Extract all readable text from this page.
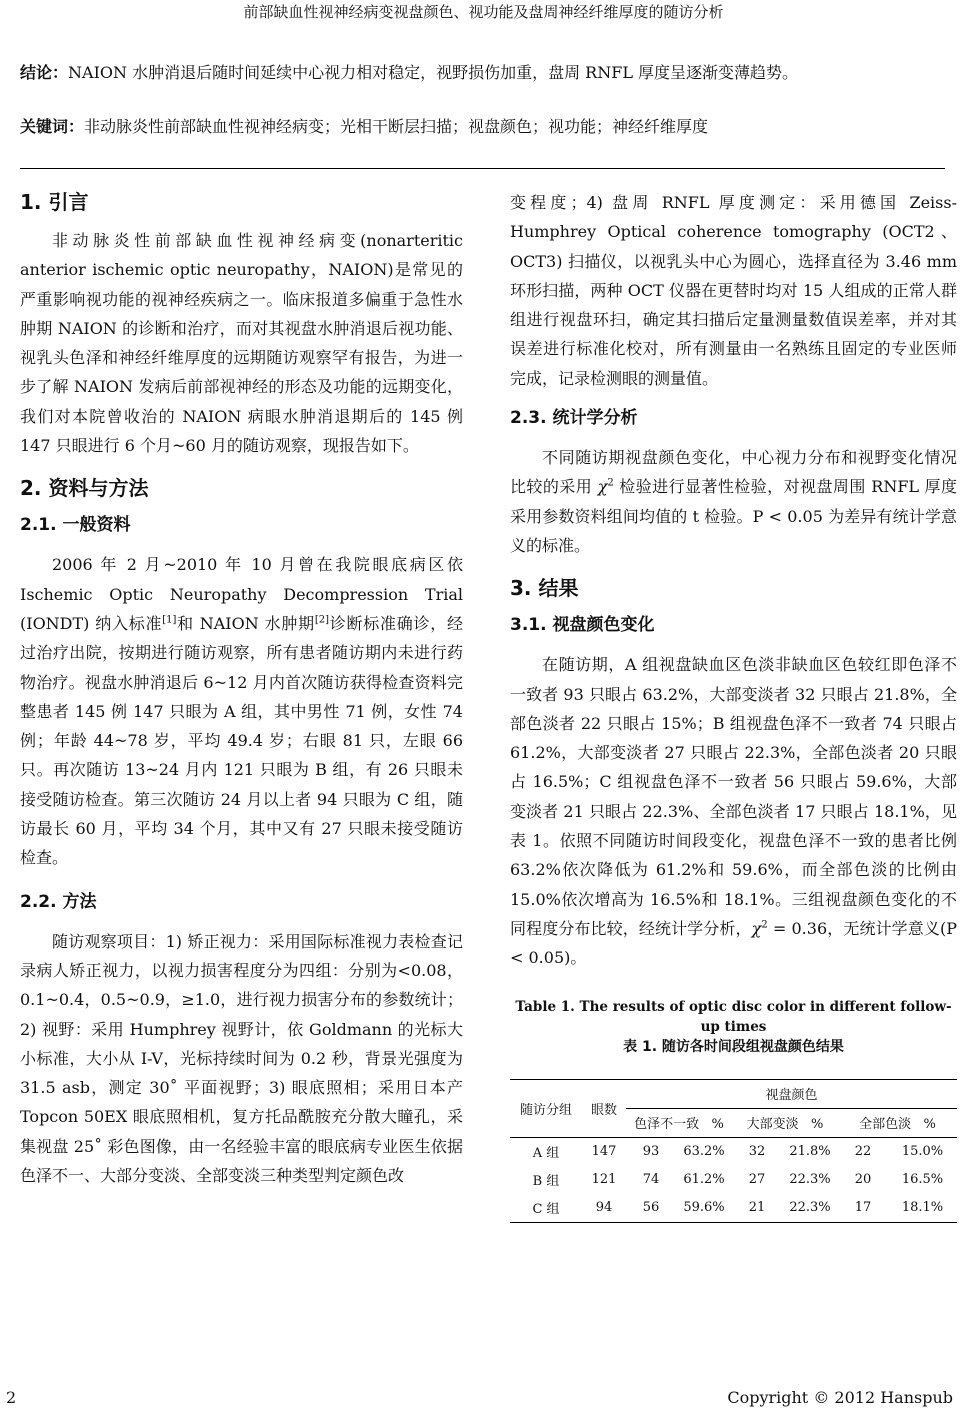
前部缺血性视神经病变视盘颜色、视功能及盘周神经纤维厚度的随访分析
结论：NAION 水肿消退后随时间延续中心视力相对稳定，视野损伤加重，盘周 RNFL 厚度呈逐渐变薄趋势。
关键词：非动脉炎性前部缺血性视神经病变；光相干断层扫描；视盘颜色；视功能；神经纤维厚度
1. 引言

非动脉炎性前部缺血性视神经病变(nonarteritic anterior ischemic optic neuropathy，NAION)是常见的严重影响视功能的视神经疾病之一。临床报道多偏重于急性水肿期 NAION 的诊断和治疗，而对其视盘水肿消退后视功能、视乳头色泽和神经纤维厚度的远期随访观察罕有报告，为进一步了解 NAION 发病后前部视神经的形态及功能的远期变化，我们对本院曾收治的 NAION 病眼水肿消退期后的 145 例 147 只眼进行 6 个月~60 月的随访观察，现报告如下。

2. 资料与方法
2.1. 一般资料

2006 年 2 月~2010 年 10 月曾在我院眼底病区依 Ischemic Optic Neuropathy Decompression Trial (IONDT) 纳入标准[1]和 NAION 水肿期[2]诊断标准确诊，经过治疗出院，按期进行随访观察，所有患者随访期内未进行药物治疗。视盘水肿消退后 6~12 月内首次随访获得检查资料完整患者 145 例 147 只眼为 A 组，其中男性 71 例，女性 74 例；年龄 44~78 岁，平均 49.4 岁；右眼 81 只，左眼 66 只。再次随访 13~24 月内 121 只眼为 B 组，有 26 只眼未接受随访检查。第三次随访 24 月以上者 94 只眼为 C 组，随访最长 60 月，平均 34 个月，其中又有 27 只眼未接受随访检查。

2.2. 方法

随访观察项目：1) 矫正视力：采用国际标准视力表检查记录病人矫正视力，以视力损害程度分为四组：分别为<0.08，0.1~0.4，0.5~0.9，≥1.0，进行视力损害分布的参数统计；2) 视野：采用 Humphrey 视野计，依 Goldmann 的光标大小标准，大小从 I-V，光标持续时间为 0.2 秒，背景光强度为 31.5 asb，测定 30˚ 平面视野；3) 眼底照相；采用日本产 Topcon 50EX 眼底照相机，复方托品酰胺充分散大瞳孔，采集视盘 25˚ 彩色图像，由一名经验丰富的眼底病专业医生依据色泽不一、大部分变淡、全部变淡三种类型判定颜色改

变程度；4) 盘周 RNFL 厚度测定：采用德国 Zeiss-Humphrey Optical coherence tomography (OCT2、OCT3) 扫描仪，以视乳头中心为圆心，选择直径为 3.46 mm 环形扫描，两种 OCT 仪器在更替时均对 15 人组成的正常人群组进行视盘环扫，确定其扫描后定量测量数值误差率，并对其误差进行标准化校对，所有测量由一名熟练且固定的专业医师完成，记录检测眼的测量值。

2.3. 统计学分析

不同随访期视盘颜色变化，中心视力分布和视野变化情况比较的采用 $\chi^2$ 检验进行显著性检验，对视盘周围 RNFL 厚度采用参数资料组间均值的 t 检验。P < 0.05 为差异有统计学意义的标准。

3. 结果
3.1. 视盘颜色变化

在随访期，A 组视盘缺血区色淡非缺血区色较红即色泽不一致者 93 只眼占 63.2%，大部变淡者 32 只眼占 21.8%，全部色淡者 22 只眼占 15%；B 组视盘色泽不一致者 74 只眼占 61.2%，大部变淡者 27 只眼占 22.3%，全部色淡者 20 只眼占 16.5%；C 组视盘色泽不一致者 56 只眼占 59.6%，大部变淡者 21 只眼占 22.3%、全部色淡者 17 只眼占 18.1%，见表 1。依照不同随访时间段变化，视盘色泽不一致的患者比例 63.2%依次降低为 61.2%和 59.6%，而全部色淡的比例由 15.0%依次增高为 16.5%和 18.1%。三组视盘颜色变化的不同程度分布比较，经统计学分析，$\chi^2 = 0.36$，无统计学意义(P < 0.05)。

Table 1. The results of optic disc color in different follow-up times
表 1. 随访各时间段组视盘颜色结果
随访分组	眼数	视盘颜色					
		色泽不一致 %		大部变淡 %		全部色淡 %	
A 组	147	93	63.2%	32	21.8%	22	15.0%
B 组	121	74	61.2%	27	22.3%	20	16.5%
C 组	94	56	59.6%	21	22.3%	17	18.1%
2	Copyright © 2012 Hanspub
